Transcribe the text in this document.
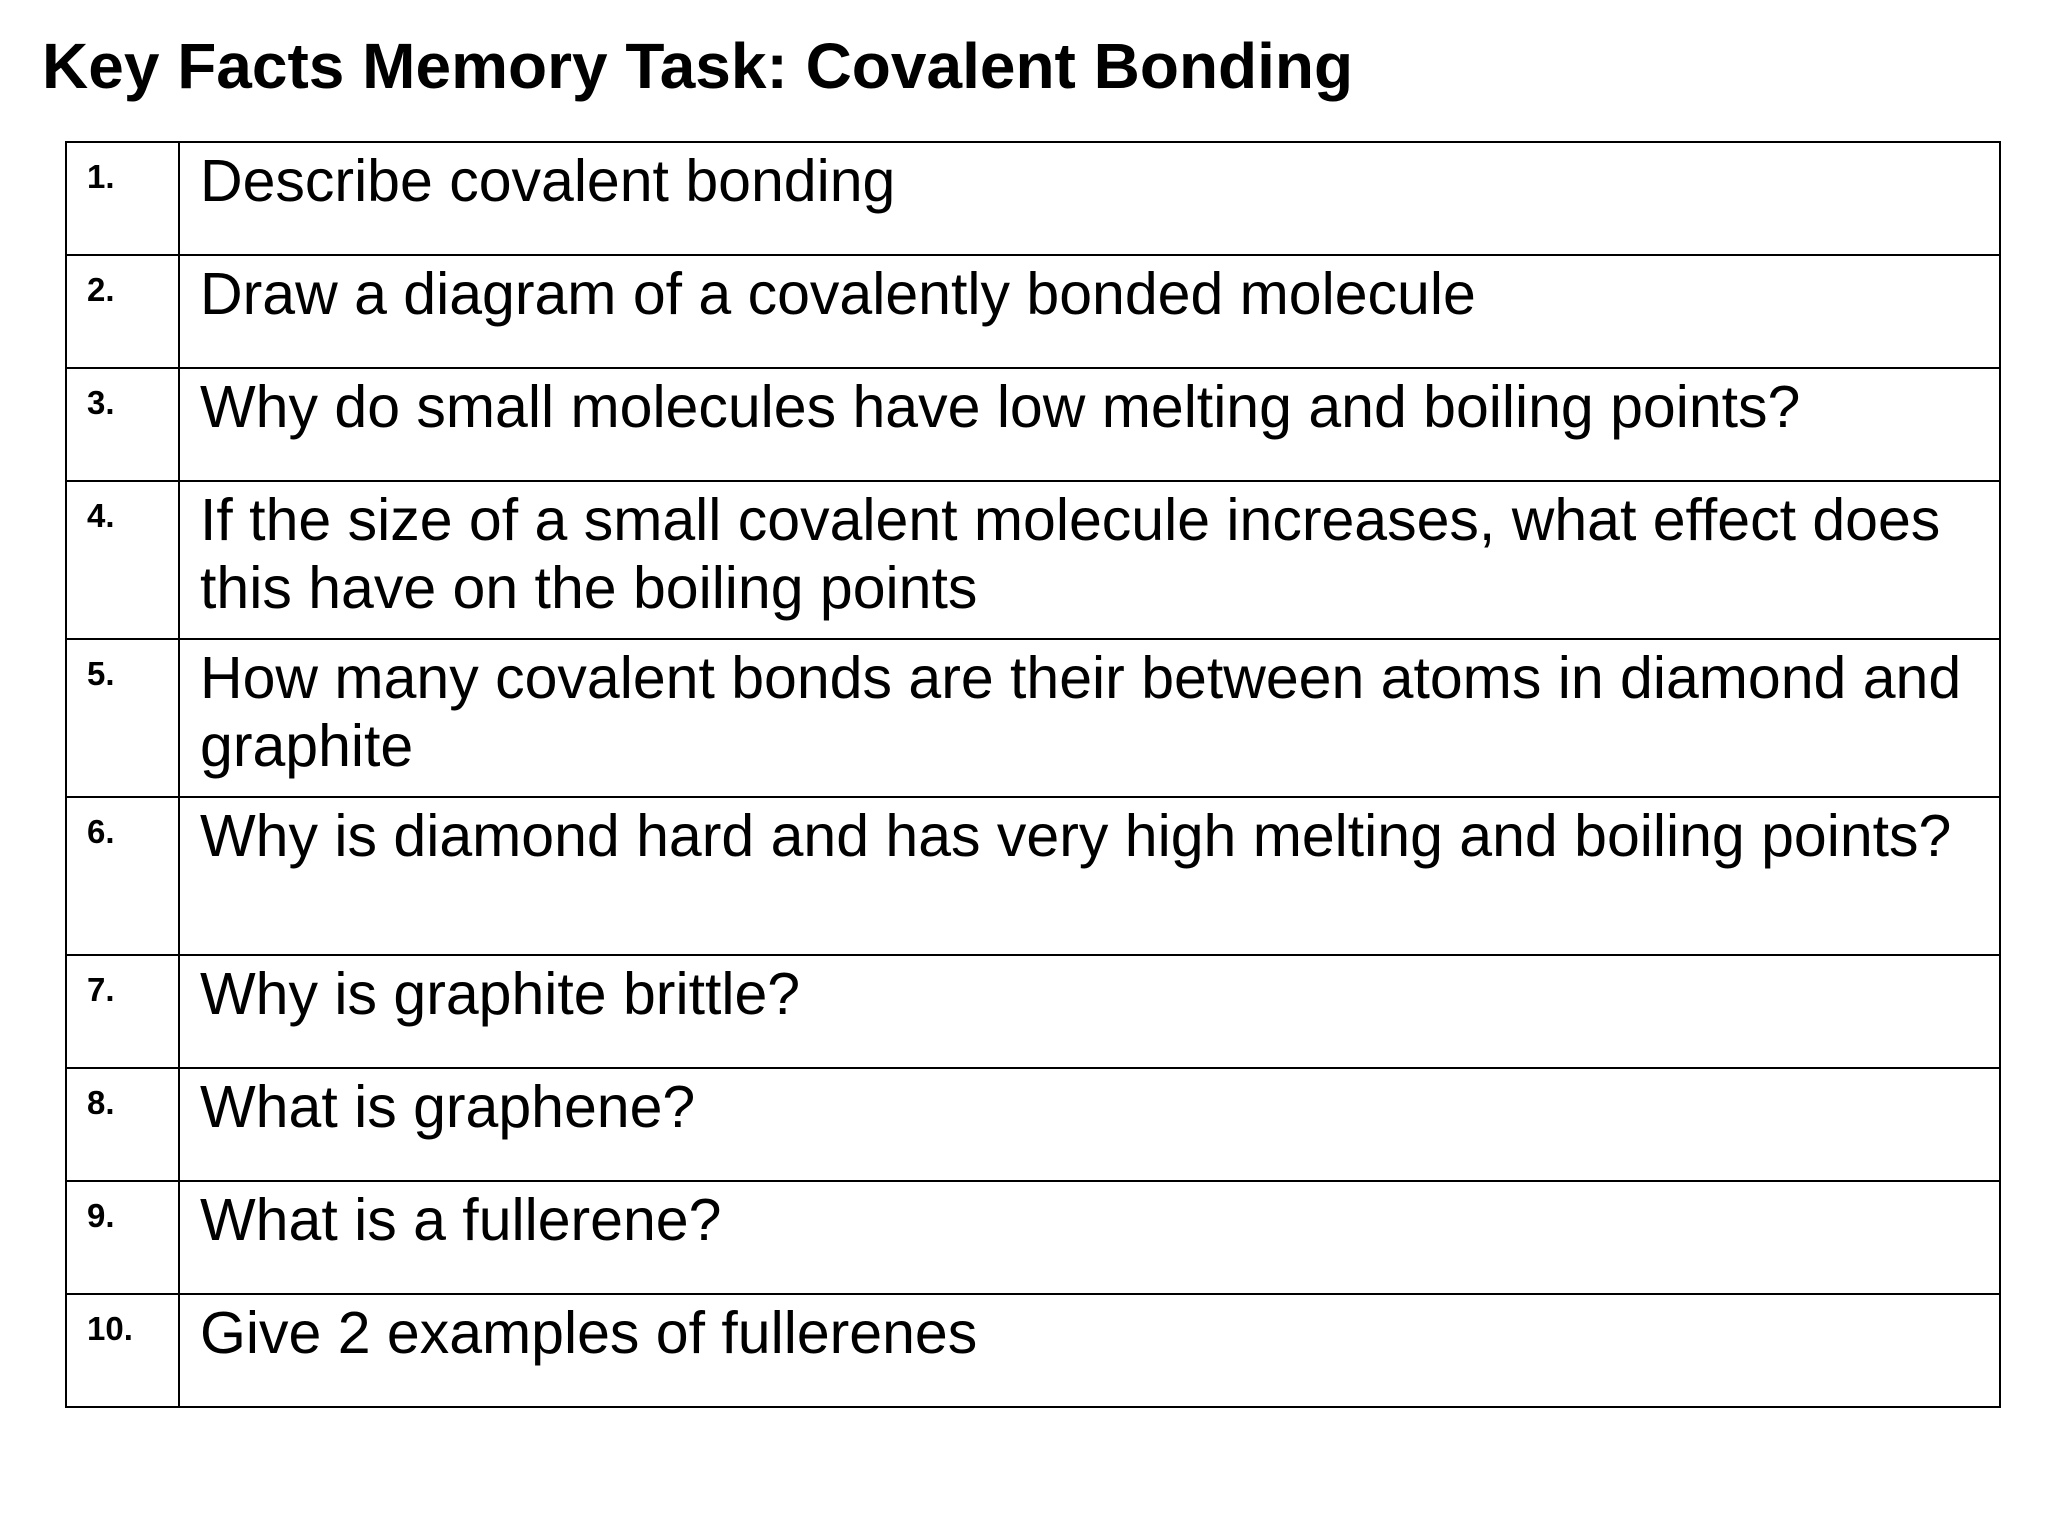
Key Facts Memory Task: Covalent Bonding
1.	Describe covalent bonding
2.	Draw a diagram of a covalently bonded molecule
3.	Why do small molecules have low melting and boiling points?
4.	If the size of a small covalent molecule increases, what effect does this have on the boiling points
5.	How many covalent bonds are their between atoms in diamond and graphite
6.	Why is diamond hard and has very high melting and boiling points?
7.	Why is graphite brittle?
8.	What is graphene?
9.	What is a fullerene?
10.	Give 2 examples of fullerenes
